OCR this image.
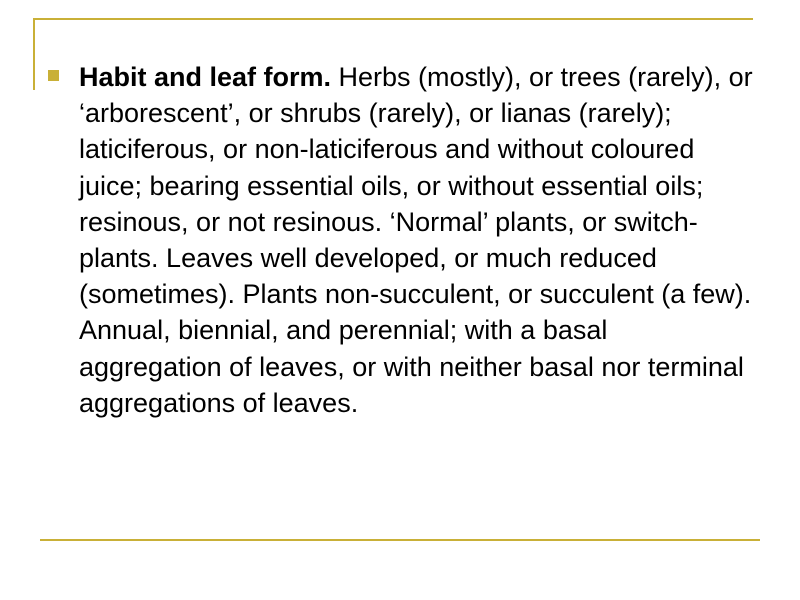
Habit and leaf form. Herbs (mostly), or trees (rarely), or ‘arborescent’, or shrubs (rarely), or lianas (rarely); laticiferous, or non-laticiferous and without coloured juice; bearing essential oils, or without essential oils; resinous, or not resinous. ‘Normal’ plants, or switch-plants. Leaves well developed, or much reduced (sometimes). Plants non-succulent, or succulent (a few). Annual, biennial, and perennial; with a basal aggregation of leaves, or with neither basal nor terminal aggregations of leaves.
